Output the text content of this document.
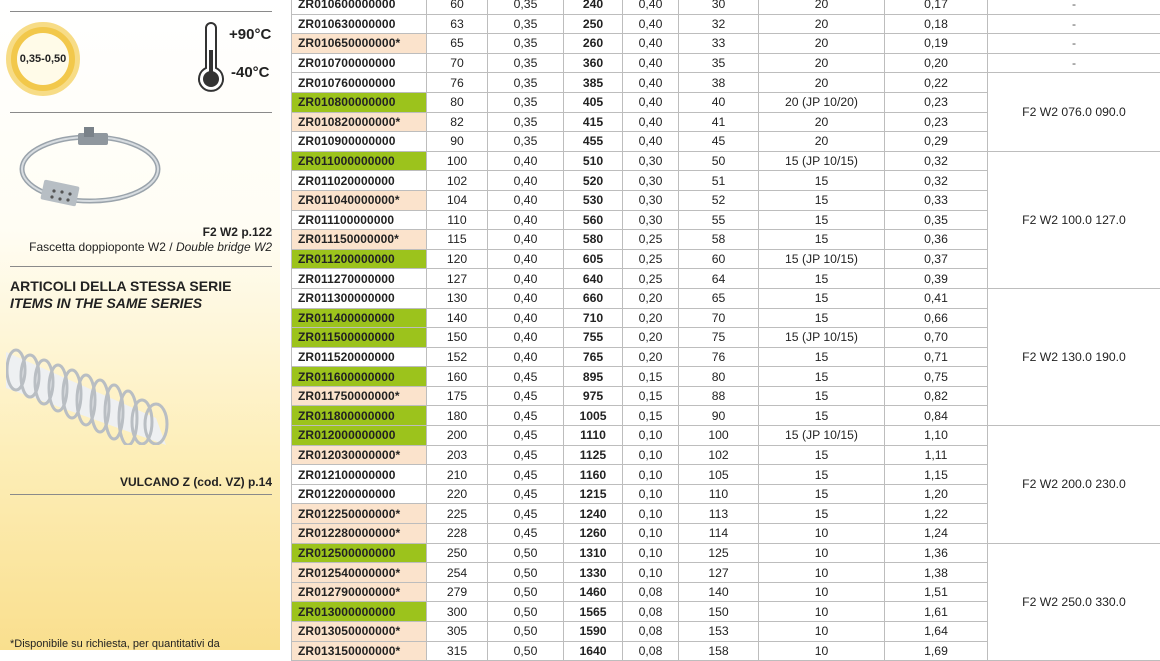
0,35-0,50
+90°C
-40°C
F2 W2 p.122
Fascetta doppioponte W2 / Double bridge W2
ARTICOLI DELLA STESSA SERIE
ITEMS IN THE SAME SERIES
VULCANO Z (cod. VZ) p.14
*Disponibile su richiesta, per quantitativi da
ZR010600000000	60	0,35	240	0,40	30	20	0,17	-
ZR010630000000	63	0,35	250	0,40	32	20	0,18	-
ZR010650000000*	65	0,35	260	0,40	33	20	0,19	-
ZR010700000000	70	0,35	360	0,40	35	20	0,20	-
ZR010760000000	76	0,35	385	0,40	38	20	0,22	F2 W2 076.0 090.0
ZR010800000000	80	0,35	405	0,40	40	20 (JP 10/20)	0,23	
ZR010820000000*	82	0,35	415	0,40	41	20	0,23	
ZR010900000000	90	0,35	455	0,40	45	20	0,29	
ZR011000000000	100	0,40	510	0,30	50	15 (JP 10/15)	0,32	F2 W2 100.0 127.0
ZR011020000000	102	0,40	520	0,30	51	15	0,32	
ZR011040000000*	104	0,40	530	0,30	52	15	0,33	
ZR011100000000	110	0,40	560	0,30	55	15	0,35	
ZR011150000000*	115	0,40	580	0,25	58	15	0,36	
ZR011200000000	120	0,40	605	0,25	60	15 (JP 10/15)	0,37	
ZR011270000000	127	0,40	640	0,25	64	15	0,39	
ZR011300000000	130	0,40	660	0,20	65	15	0,41	F2 W2 130.0 190.0
ZR011400000000	140	0,40	710	0,20	70	15	0,66	
ZR011500000000	150	0,40	755	0,20	75	15 (JP 10/15)	0,70	
ZR011520000000	152	0,40	765	0,20	76	15	0,71	
ZR011600000000	160	0,45	895	0,15	80	15	0,75	
ZR011750000000*	175	0,45	975	0,15	88	15	0,82	
ZR011800000000	180	0,45	1005	0,15	90	15	0,84	
ZR012000000000	200	0,45	1110	0,10	100	15 (JP 10/15)	1,10	F2 W2 200.0 230.0
ZR012030000000*	203	0,45	1125	0,10	102	15	1,11	
ZR012100000000	210	0,45	1160	0,10	105	15	1,15	
ZR012200000000	220	0,45	1215	0,10	110	15	1,20	
ZR012250000000*	225	0,45	1240	0,10	113	15	1,22	
ZR012280000000*	228	0,45	1260	0,10	114	10	1,24	
ZR012500000000	250	0,50	1310	0,10	125	10	1,36	F2 W2 250.0 330.0
ZR012540000000*	254	0,50	1330	0,10	127	10	1,38	
ZR012790000000*	279	0,50	1460	0,08	140	10	1,51	
ZR013000000000	300	0,50	1565	0,08	150	10	1,61	
ZR013050000000*	305	0,50	1590	0,08	153	10	1,64	
ZR013150000000*	315	0,50	1640	0,08	158	10	1,69	
